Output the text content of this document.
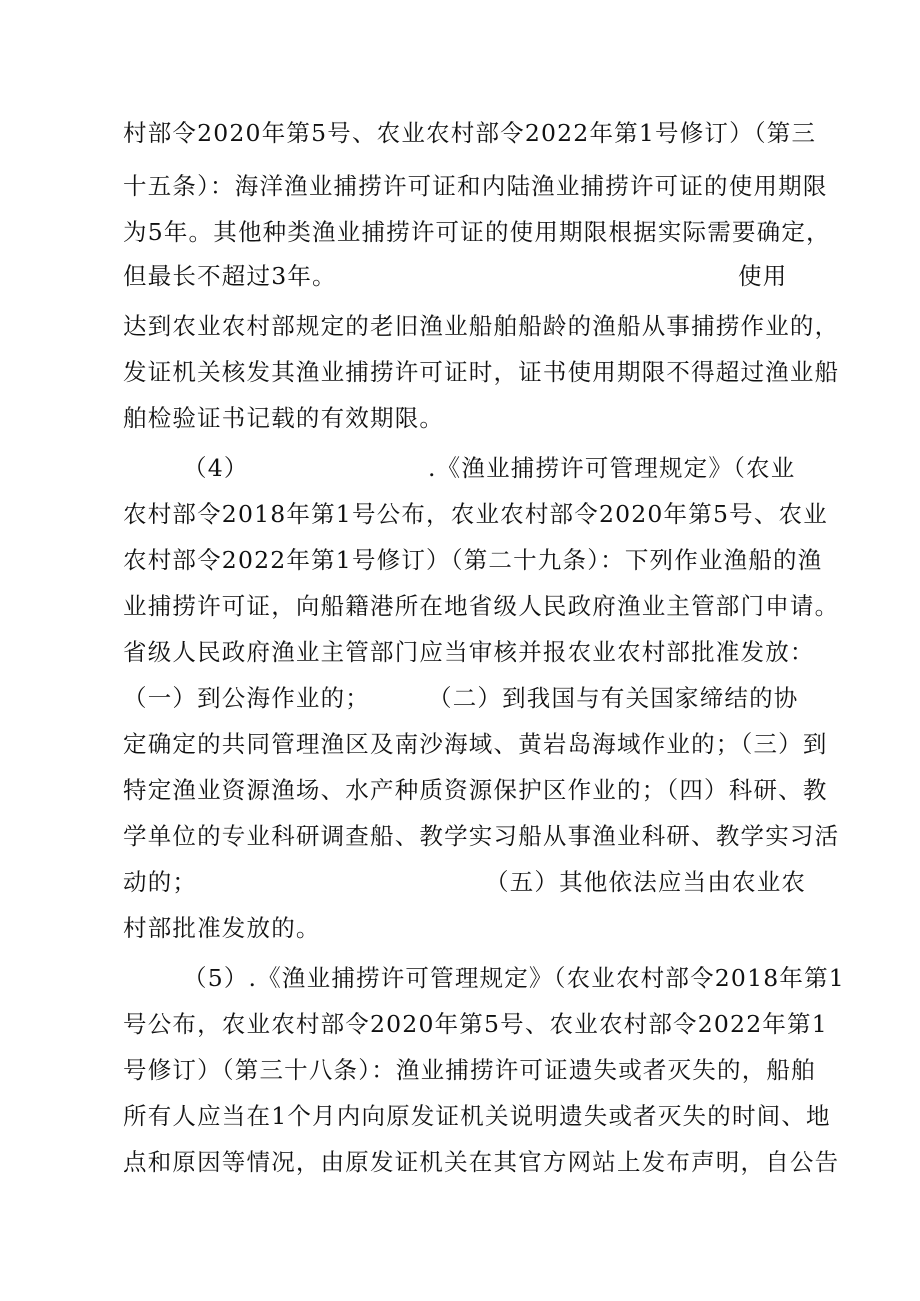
村部令2020年第5号、农业农村部令2022年第1号修订）（第三
十五条）：海洋渔业捕捞许可证和内陆渔业捕捞许可证的使用期限
为5年。其他种类渔业捕捞许可证的使用期限根据实际需要确定，
但最长不超过3年。	使用
达到农业农村部规定的老旧渔业船舶船龄的渔船从事捕捞作业的，
发证机关核发其渔业捕捞许可证时，证书使用期限不得超过渔业船
舶检验证书记载的有效期限。
（4）	.《渔业捕捞许可管理规定》（农业
农村部令2018年第1号公布，农业农村部令2020年第5号、农业
农村部令2022年第1号修订）（第二十九条）：下列作业渔船的渔
业捕捞许可证，向船籍港所在地省级人民政府渔业主管部门申请。
省级人民政府渔业主管部门应当审核并报农业农村部批准发放：
（一）到公海作业的； （二）到我国与有关国家缔结的协
定确定的共同管理渔区及南沙海域、黄岩岛海域作业的；（三）到
特定渔业资源渔场、水产种质资源保护区作业的；（四）科研、教
学单位的专业科研调查船、教学实习船从事渔业科研、教学实习活
动的；	（五）其他依法应当由农业农
村部批准发放的。
（5）.《渔业捕捞许可管理规定》（农业农村部令2018年第1
号公布，农业农村部令2020年第5号、农业农村部令2022年第1
号修订）（第三十八条）：渔业捕捞许可证遗失或者灭失的，船舶
所有人应当在1个月内向原发证机关说明遗失或者灭失的时间、地
点和原因等情况，由原发证机关在其官方网站上发布声明，自公告
